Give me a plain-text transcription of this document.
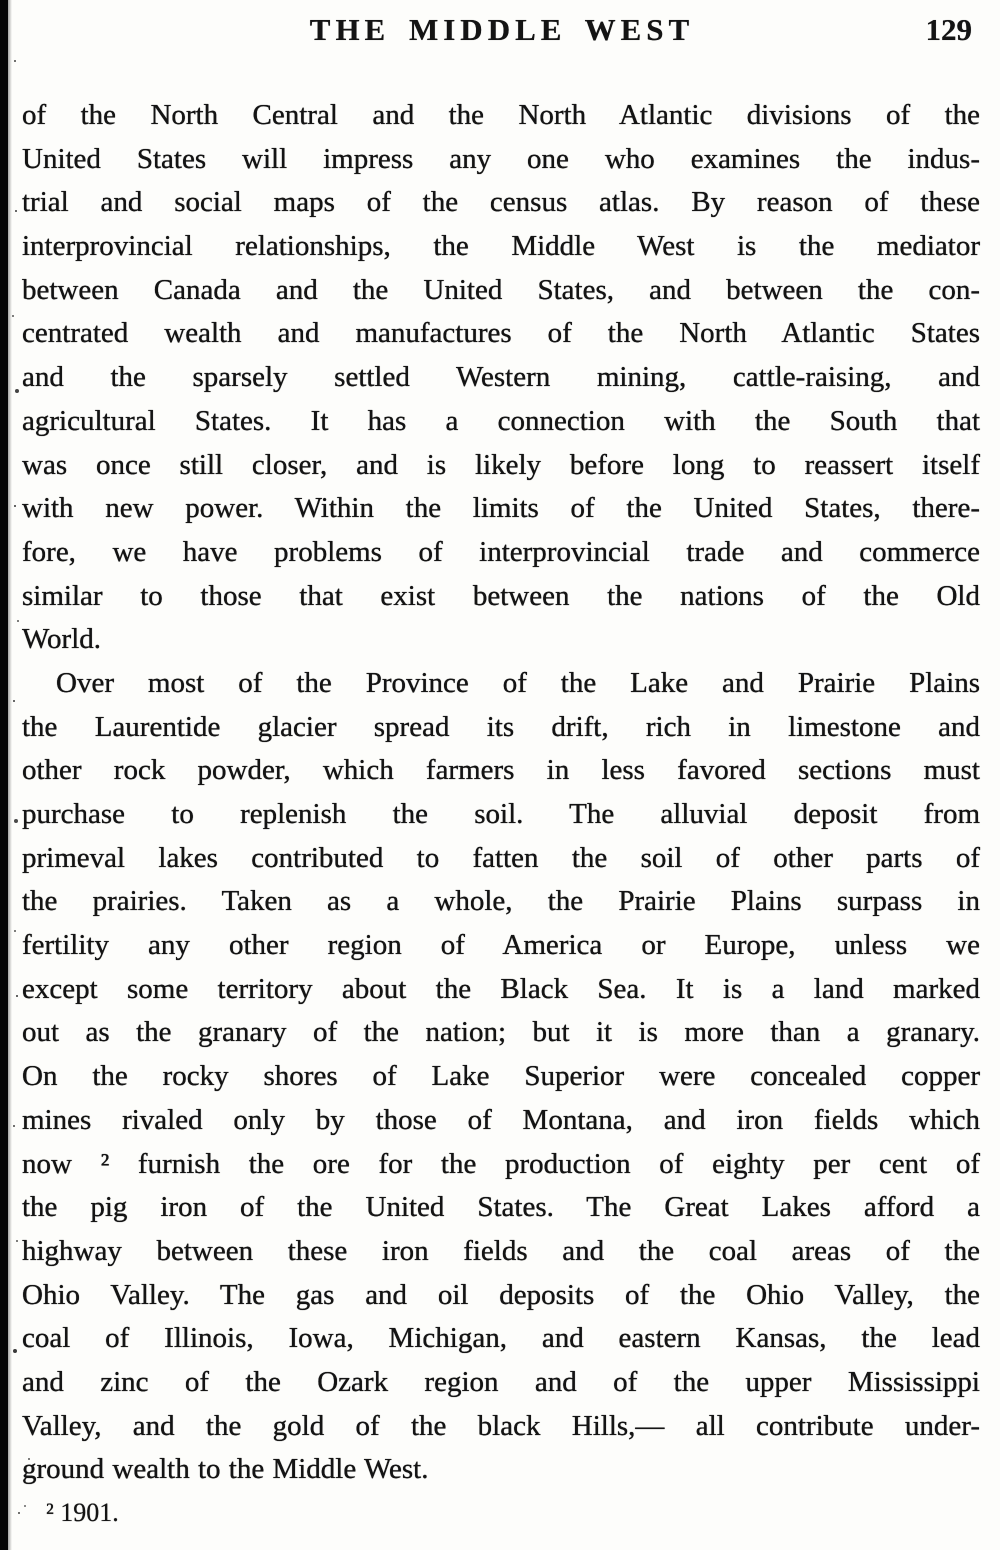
THE MIDDLE WEST	129
of the North Central and the North Atlantic divisions of the
United States will impress any one who examines the indus-
trial and social maps of the census atlas. By reason of these
interprovincial relationships, the Middle West is the mediator
between Canada and the United States, and between the con-
centrated wealth and manufactures of the North Atlantic States
and the sparsely settled Western mining, cattle-raising, and
agricultural States. It has a connection with the South that
was once still closer, and is likely before long to reassert itself
with new power. Within the limits of the United States, there-
fore, we have problems of interprovincial trade and commerce
similar to those that exist between the nations of the Old
World.
Over most of the Province of the Lake and Prairie Plains
the Laurentide glacier spread its drift, rich in limestone and
other rock powder, which farmers in less favored sections must
purchase to replenish the soil. The alluvial deposit from
primeval lakes contributed to fatten the soil of other parts of
the prairies. Taken as a whole, the Prairie Plains surpass in
fertility any other region of America or Europe, unless we
except some territory about the Black Sea. It is a land marked
out as the granary of the nation; but it is more than a granary.
On the rocky shores of Lake Superior were concealed copper
mines rivaled only by those of Montana, and iron fields which
now ² furnish the ore for the production of eighty per cent of
the pig iron of the United States. The Great Lakes afford a
highway between these iron fields and the coal areas of the
Ohio Valley. The gas and oil deposits of the Ohio Valley, the
coal of Illinois, Iowa, Michigan, and eastern Kansas, the lead
and zinc of the Ozark region and of the upper Mississippi
Valley, and the gold of the black Hills,— all contribute under-
ground wealth to the Middle West.
² 1901.
